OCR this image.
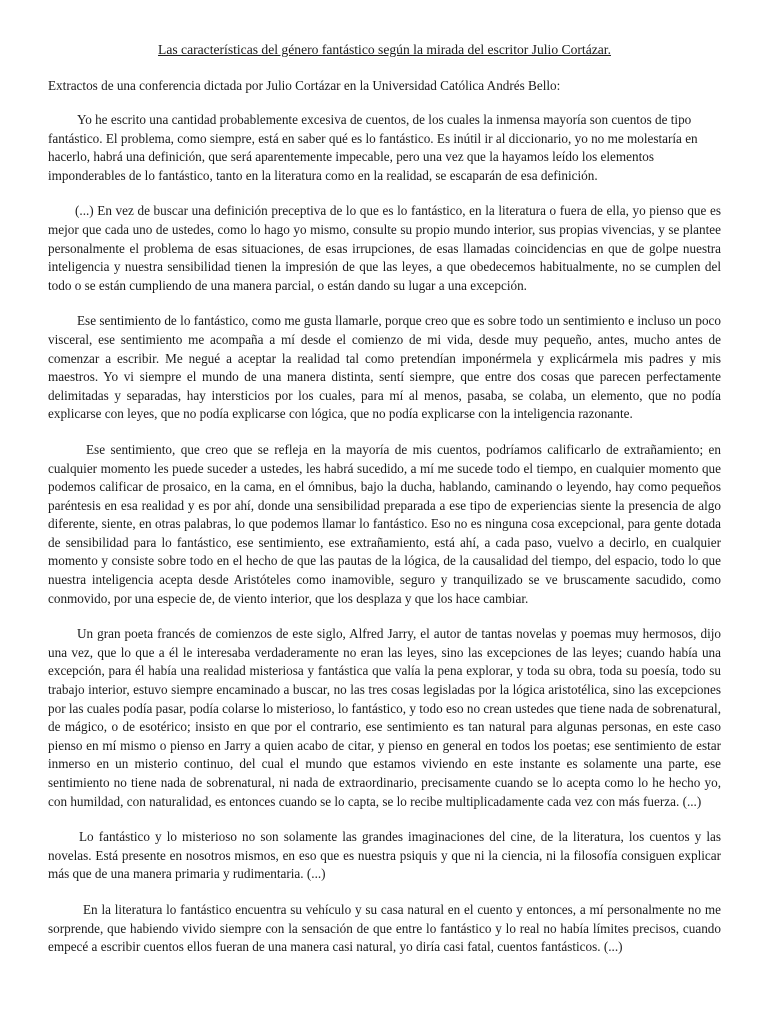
Las características del género fantástico según la mirada del escritor Julio Cortázar.

Extractos de una conferencia dictada por Julio Cortázar en la Universidad Católica Andrés Bello:

Yo he escrito una cantidad probablemente excesiva de cuentos, de los cuales la inmensa mayoría son cuentos de tipo fantástico. El problema, como siempre, está en saber qué es lo fantástico. Es inútil ir al diccionario, yo no me molestaría en hacerlo, habrá una definición, que será aparentemente impecable, pero una vez que la hayamos leído los elementos imponderables de lo fantástico, tanto en la literatura como en la realidad, se escaparán de esa definición.

(...) En vez de buscar una definición preceptiva de lo que es lo fantástico, en la literatura o fuera de ella, yo pienso que es mejor que cada uno de ustedes, como lo hago yo mismo, consulte su propio mundo interior, sus propias vivencias, y se plantee personalmente el problema de esas situaciones, de esas irrupciones, de esas llamadas coincidencias en que de golpe nuestra inteligencia y nuestra sensibilidad tienen la impresión de que las leyes, a que obedecemos habitualmente, no se cumplen del todo o se están cumpliendo de una manera parcial, o están dando su lugar a una excepción.

Ese sentimiento de lo fantástico, como me gusta llamarle, porque creo que es sobre todo un sentimiento e incluso un poco visceral, ese sentimiento me acompaña a mí desde el comienzo de mi vida, desde muy pequeño, antes, mucho antes de comenzar a escribir. Me negué a aceptar la realidad tal como pretendían imponérmela y explicármela mis padres y mis maestros. Yo vi siempre el mundo de una manera distinta, sentí siempre, que entre dos cosas que parecen perfectamente delimitadas y separadas, hay intersticios por los cuales, para mí al menos, pasaba, se colaba, un elemento, que no podía explicarse con leyes, que no podía explicarse con lógica, que no podía explicarse con la inteligencia razonante.

Ese sentimiento, que creo que se refleja en la mayoría de mis cuentos, podríamos calificarlo de extrañamiento; en cualquier momento les puede suceder a ustedes, les habrá sucedido, a mí me sucede todo el tiempo, en cualquier momento que podemos calificar de prosaico, en la cama, en el ómnibus, bajo la ducha, hablando, caminando o leyendo, hay como pequeños paréntesis en esa realidad y es por ahí, donde una sensibilidad preparada a ese tipo de experiencias siente la presencia de algo diferente, siente, en otras palabras, lo que podemos llamar lo fantástico. Eso no es ninguna cosa excepcional, para gente dotada de sensibilidad para lo fantástico, ese sentimiento, ese extrañamiento, está ahí, a cada paso, vuelvo a decirlo, en cualquier momento y consiste sobre todo en el hecho de que las pautas de la lógica, de la causalidad del tiempo, del espacio, todo lo que nuestra inteligencia acepta desde Aristóteles como inamovible, seguro y tranquilizado se ve bruscamente sacudido, como conmovido, por una especie de, de viento interior, que los desplaza y que los hace cambiar.

Un gran poeta francés de comienzos de este siglo, Alfred Jarry, el autor de tantas novelas y poemas muy hermosos, dijo una vez, que lo que a él le interesaba verdaderamente no eran las leyes, sino las excepciones de las leyes; cuando había una excepción, para él había una realidad misteriosa y fantástica que valía la pena explorar, y toda su obra, toda su poesía, todo su trabajo interior, estuvo siempre encaminado a buscar, no las tres cosas legisladas por la lógica aristotélica, sino las excepciones por las cuales podía pasar, podía colarse lo misterioso, lo fantástico, y todo eso no crean ustedes que tiene nada de sobrenatural, de mágico, o de esotérico; insisto en que por el contrario, ese sentimiento es tan natural para algunas personas, en este caso pienso en mí mismo o pienso en Jarry a quien acabo de citar, y pienso en general en todos los poetas; ese sentimiento de estar inmerso en un misterio continuo, del cual el mundo que estamos viviendo en este instante es solamente una parte, ese sentimiento no tiene nada de sobrenatural, ni nada de extraordinario, precisamente cuando se lo acepta como lo he hecho yo, con humildad, con naturalidad, es entonces cuando se lo capta, se lo recibe multiplicadamente cada vez con más fuerza. (...)

Lo fantástico y lo misterioso no son solamente las grandes imaginaciones del cine, de la literatura, los cuentos y las novelas. Está presente en nosotros mismos, en eso que es nuestra psiquis y que ni la ciencia, ni la filosofía consiguen explicar más que de una manera primaria y rudimentaria. (...)

En la literatura lo fantástico encuentra su vehículo y su casa natural en el cuento y entonces, a mí personalmente no me sorprende, que habiendo vivido siempre con la sensación de que entre lo fantástico y lo real no había límites precisos, cuando empecé a escribir cuentos ellos fueran de una manera casi natural, yo diría casi fatal, cuentos fantásticos. (...)
